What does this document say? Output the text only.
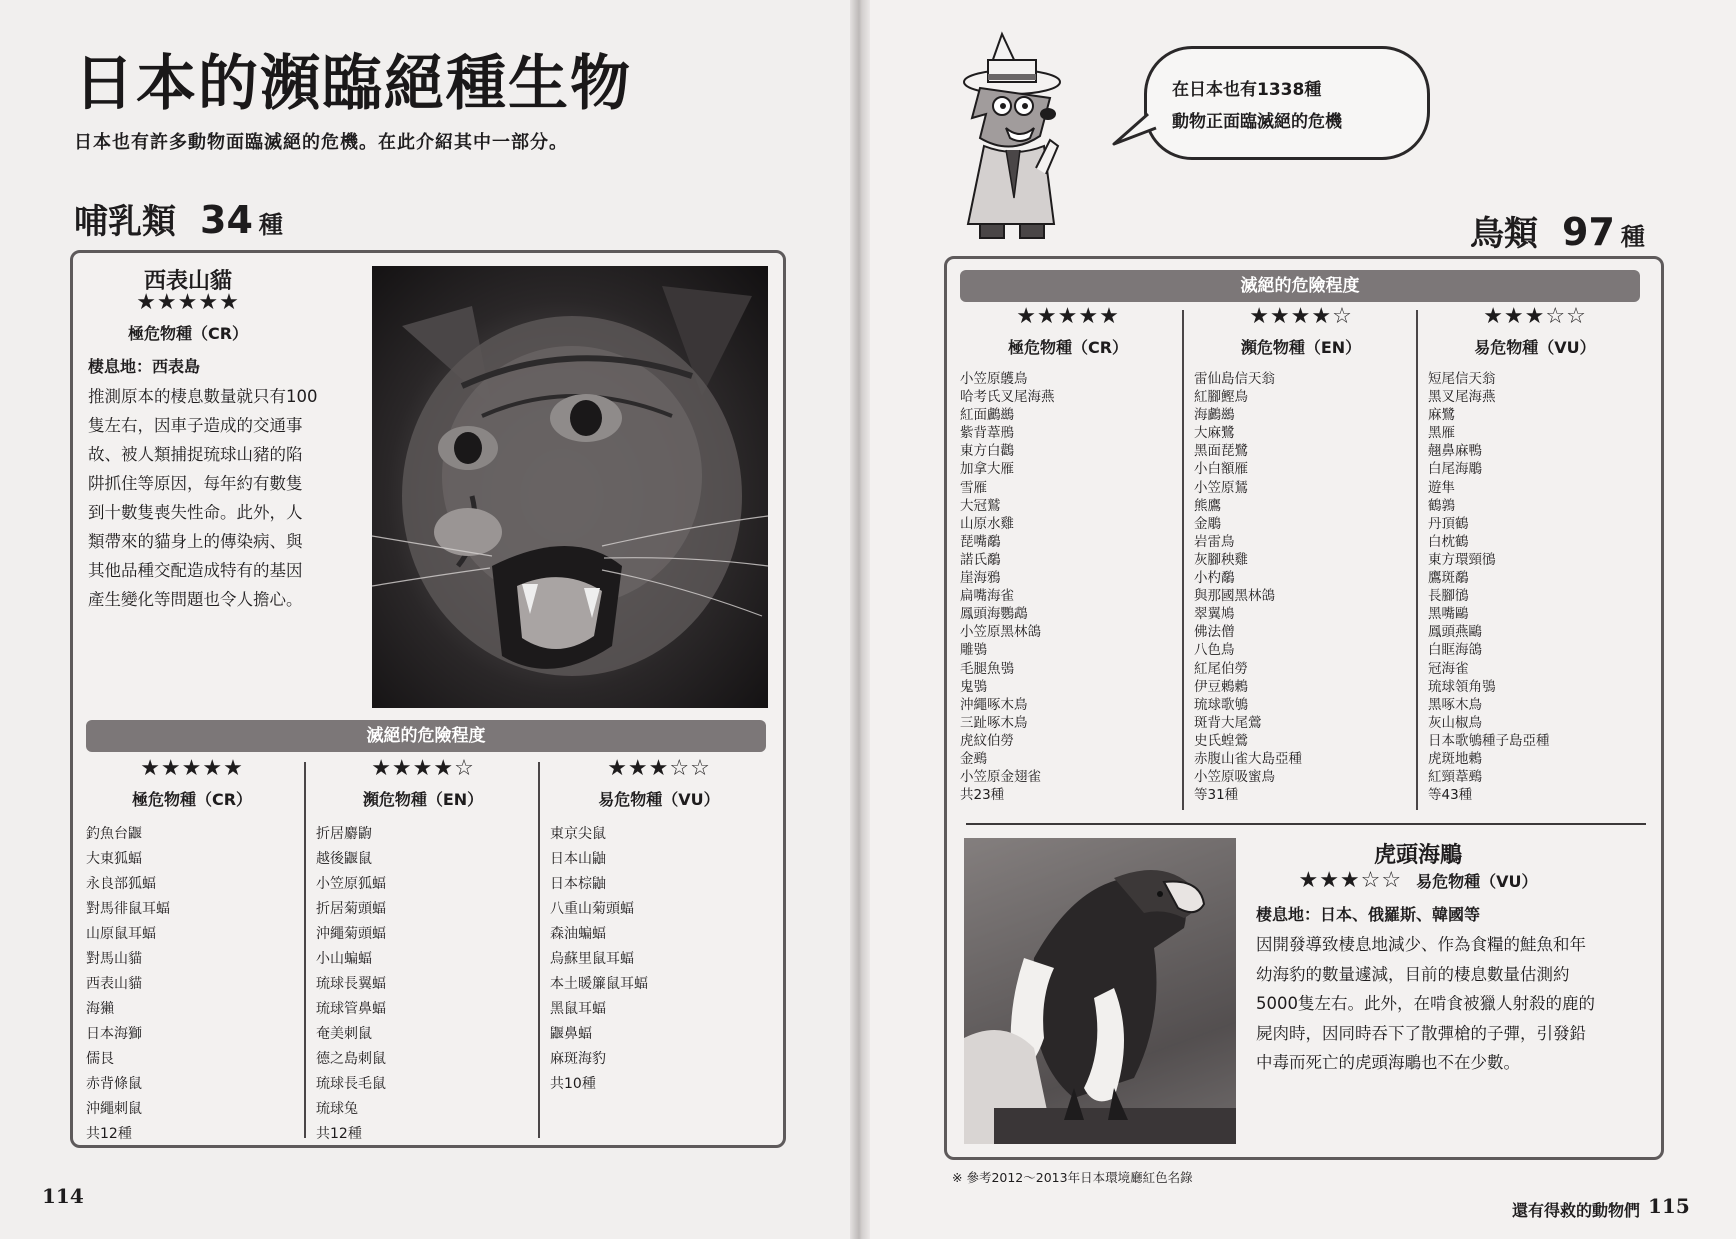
日本的瀕臨絕種生物
日本也有許多動物面臨滅絕的危機。在此介紹其中一部分。
哺乳類 34 種
西表山貓
★★★★★
極危物種（CR）
棲息地：西表島
推測原本的棲息數量就只有100
隻左右，因車子造成的交通事
故、被人類捕捉琉球山豬的陷
阱抓住等原因，每年約有數隻
到十數隻喪失性命。此外，人
類帶來的貓身上的傳染病、與
其他品種交配造成特有的基因
產生變化等問題也令人擔心。
滅絕的危險程度
★★★★★
極危物種（CR）
釣魚台鼴
大東狐蝠
永良部狐蝠
對馬徘鼠耳蝠
山原鼠耳蝠
對馬山貓
西表山貓
海獺
日本海獅
儒艮
赤背條鼠
沖繩刺鼠
共12種
★★★★☆
瀕危物種（EN）
折居麝鼩
越後鼴鼠
小笠原狐蝠
折居菊頭蝠
沖繩菊頭蝠
小山蝙蝠
琉球長翼蝠
琉球管鼻蝠
奄美刺鼠
德之島刺鼠
琉球長毛鼠
琉球兔
共12種
★★★☆☆
易危物種（VU）
東京尖鼠
日本山鼬
日本棕鼬
八重山菊頭蝠
森油蝙蝠
烏蘇里鼠耳蝠
本土暖簾鼠耳蝠
黑鼠耳蝠
鼴鼻蝠
麻斑海豹
共10種
114
在日本也有1338種
動物正面臨滅絕的危機
鳥類 97 種
滅絕的危險程度
★★★★★
極危物種（CR）
小笠原鸌鳥
哈考氏叉尾海燕
紅面鸕鷀
紫背葦鳽
東方白鸛
加拿大雁
雪雁
大冠鷲
山原水雞
琵嘴鷸
諾氏鷸
崖海鴉
扁嘴海雀
鳳頭海鸚鵡
小笠原黑林鴿
雕鴞
毛腿魚鴞
鬼鴞
沖繩啄木鳥
三趾啄木鳥
虎紋伯勞
金鵐
小笠原金翅雀
共23種
★★★★☆
瀕危物種（EN）
雷仙島信天翁
紅腳鰹鳥
海鸕鷀
大麻鷺
黑面琵鷺
小白額雁
小笠原鵟
熊鷹
金鵰
岩雷鳥
灰腳秧雞
小杓鷸
與那國黑林鴿
翠翼鳩
佛法僧
八色鳥
紅尾伯勞
伊豆鶇鶇
琉球歌鴝
斑背大尾鶯
史氏蝗鶯
赤腹山雀大島亞種
小笠原吸蜜鳥
等31種
★★★☆☆
易危物種（VU）
短尾信天翁
黑叉尾海燕
麻鷺
黑雁
翹鼻麻鴨
白尾海鵰
遊隼
鶴鶉
丹頂鶴
白枕鶴
東方環頸鴴
鷹斑鷸
長腳鴴
黑嘴鷗
鳳頭燕鷗
白眶海鴿
冠海雀
琉球領角鴞
黑啄木鳥
灰山椒鳥
日本歌鴝種子島亞種
虎斑地鶇
紅頸葦鵐
等43種
虎頭海鵰
★★★☆☆ 易危物種（VU）
棲息地：日本、俄羅斯、韓國等
因開發導致棲息地減少、作為食糧的鮭魚和年
幼海豹的數量遽減，目前的棲息數量估測約
5000隻左右。此外，在啃食被獵人射殺的鹿的
屍肉時，因同時吞下了散彈槍的子彈，引發鉛
中毒而死亡的虎頭海鵰也不在少數。
※ 參考2012～2013年日本環境廳紅色名錄
還有得救的動物們 115
